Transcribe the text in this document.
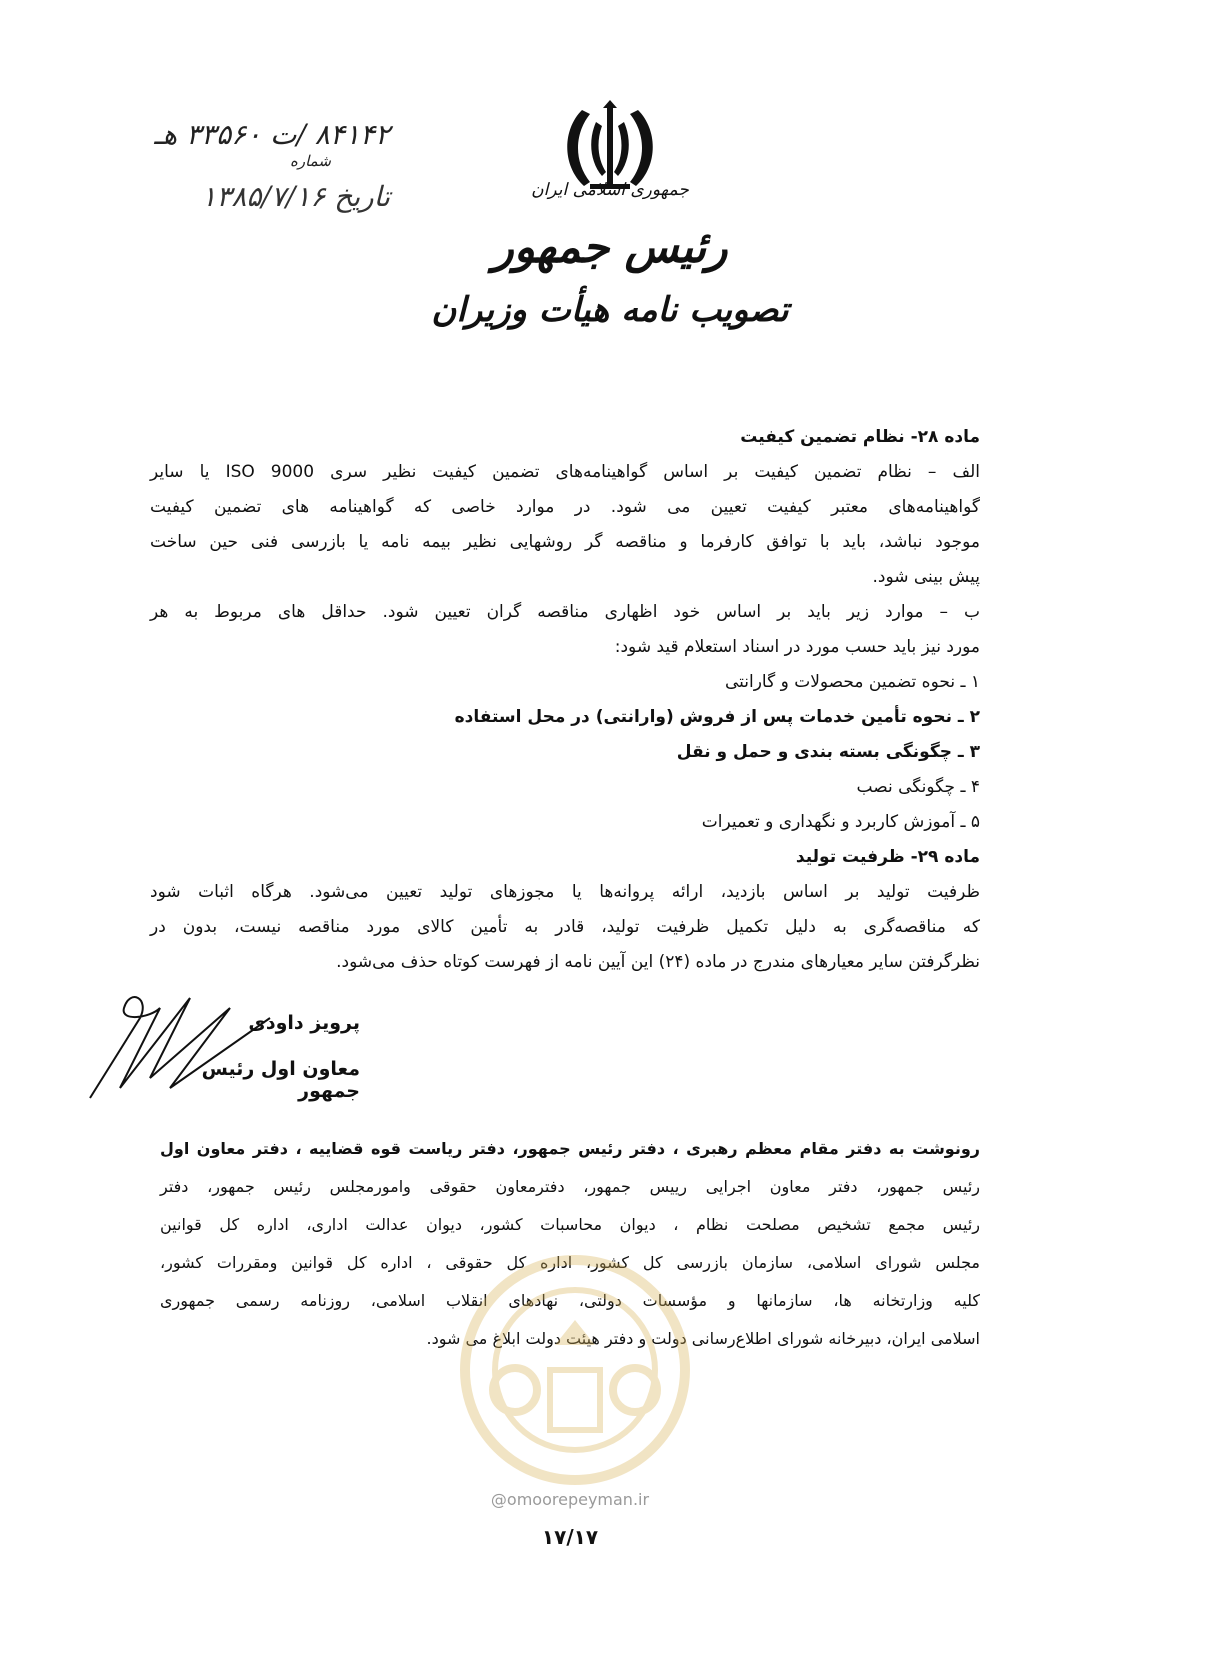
جمهوری اسلامی ایران
رئیس جمهور
تصویب نامه هیأت وزیران
۸۴۱۴۲ /ت ۳۳۵۶۰ هـ
شماره
تاریخ ۱۳۸۵/۷/۱۶
ماده ۲۸- نظام تضمین کیفیت
الف – نظام تضمین کیفیت بر اساس گواهینامه‌های تضمین کیفیت نظیر سری ISO 9000 یا سایر
گواهینامه‌های معتبر کیفیت تعیین می شود. در موارد خاصی که گواهینامه های تضمین کیفیت
موجود نباشد، باید با توافق کارفرما و مناقصه گر روشهایی نظیر بیمه نامه یا بازرسی فنی حین ساخت
پیش بینی شود.
ب – موارد زیر باید بر اساس خود اظهاری مناقصه گران تعیین شود. حداقل های مربوط به هر
مورد نیز باید حسب مورد در اسناد استعلام قید شود:
۱ ـ نحوه تضمین محصولات و گارانتی
۲ ـ نحوه تأمین خدمات پس از فروش (وارانتی) در محل استفاده
۳ ـ چگونگی بسته بندی و حمل و نقل
۴ ـ چگونگی نصب
۵ ـ آموزش کاربرد و نگهداری و تعمیرات
ماده ۲۹- ظرفیت تولید
ظرفیت تولید بر اساس بازدید، ارائه پروانه‌ها یا مجوزهای تولید تعیین می‌شود. هرگاه اثبات شود
که مناقصه‌گری به دلیل تکمیل ظرفیت تولید، قادر به تأمین کالای مورد مناقصه نیست، بدون در
نظرگرفتن سایر معیارهای مندرج در ماده (۲۴) این آیین نامه از فهرست کوتاه حذف می‌شود.
پرویز داودی
معاون اول رئیس جمهور
رونوشت به دفتر مقام معظم رهبری ، دفتر رئیس جمهور، دفتر ریاست قوه قضاییه ، دفتر معاون اول
رئیس جمهور، دفتر معاون اجرایی رییس جمهور، دفترمعاون حقوقی وامورمجلس رئیس جمهور، دفتر
رئیس مجمع تشخیص مصلحت نظام ، دیوان محاسبات کشور، دیوان عدالت اداری، اداره کل قوانین
مجلس شورای اسلامی، سازمان بازرسی کل کشور، اداره کل حقوقی ، اداره کل قوانین ومقررات کشور،
کلیه وزارتخانه ها، سازمانها و مؤسسات دولتی، نهادهای انقلاب اسلامی، روزنامه رسمی جمهوری
اسلامی ایران، دبیرخانه شورای اطلاع‌رسانی دولت و دفتر هیئت دولت ابلاغ می شود.
@omoorepeyman.ir
۱۷/۱۷
